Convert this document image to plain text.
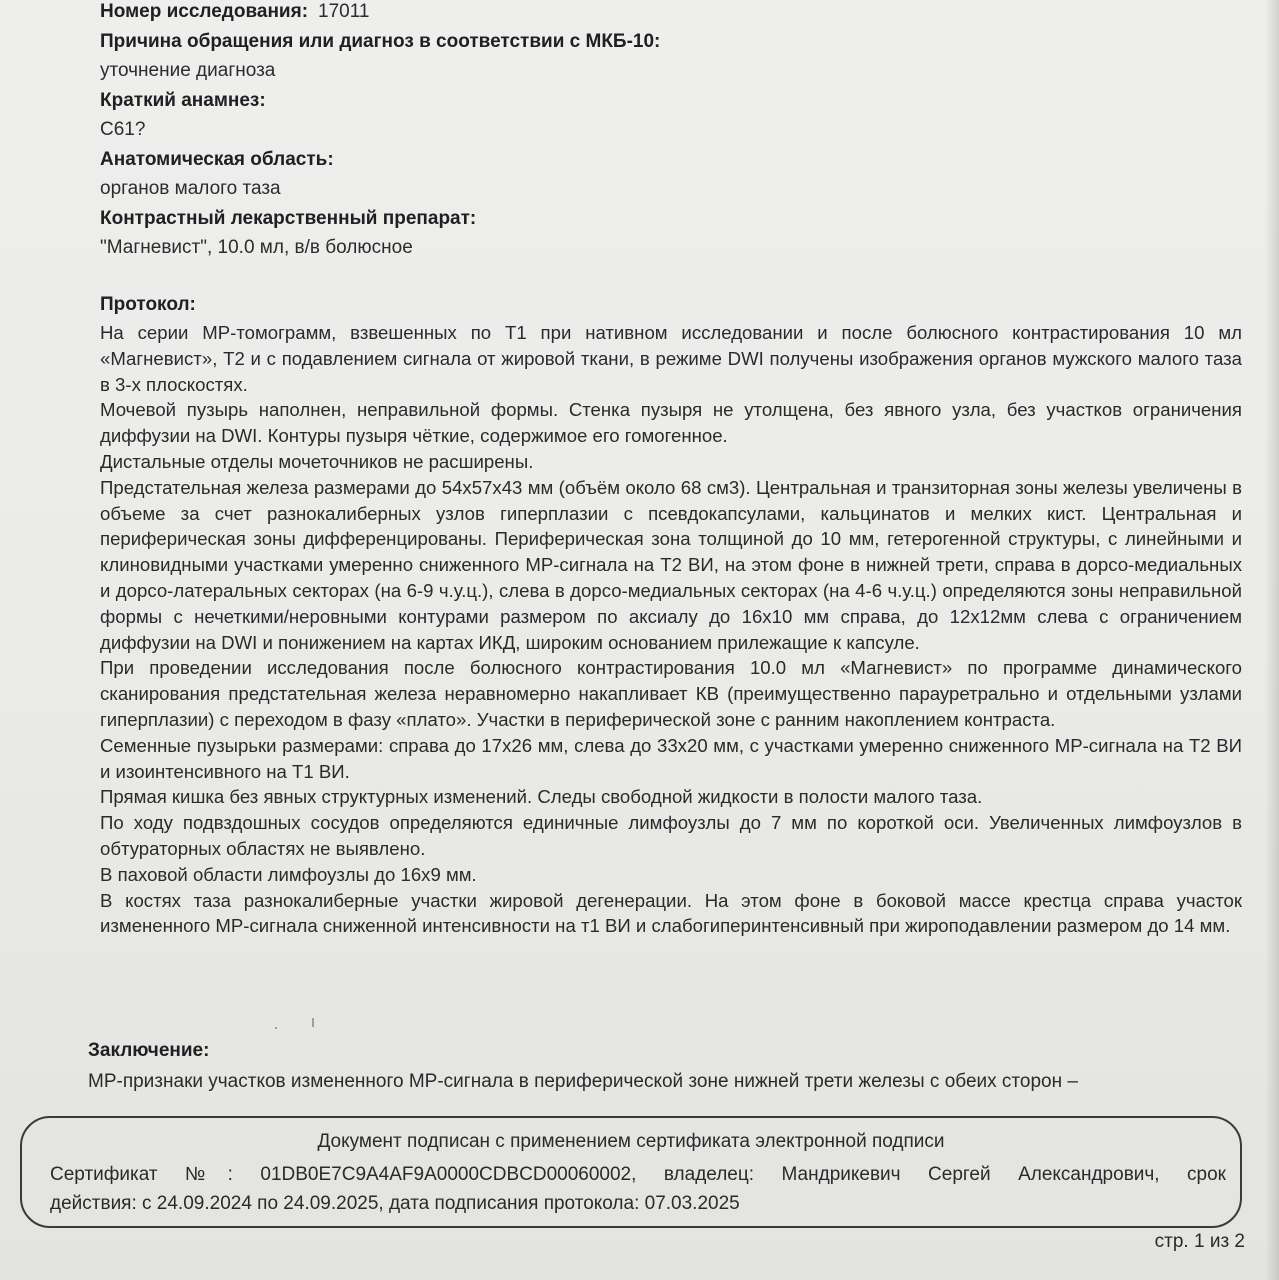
Номер исследования: 17011
Причина обращения или диагноз в соответствии с МКБ-10:
уточнение диагноза
Краткий анамнез:
C61?
Анатомическая область:
органов малого таза
Контрастный лекарственный препарат:
"Магневист", 10.0 мл, в/в болюсное
Протокол:

На серии МР-томограмм, взвешенных по Т1 при нативном исследовании и после болюсного контрастирования 10 мл «Магневист», Т2 и с подавлением сигнала от жировой ткани, в режиме DWI получены изображения органов мужского малого таза в 3-х плоскостях.

Мочевой пузырь наполнен, неправильной формы. Стенка пузыря не утолщена, без явного узла, без участков ограничения диффузии на DWI. Контуры пузыря чёткие, содержимое его гомогенное.

Дистальные отделы мочеточников не расширены.

Предстательная железа размерами до 54х57х43 мм (объём около 68 см3). Центральная и транзиторная зоны железы увеличены в объеме за счет разнокалиберных узлов гиперплазии с псевдокапсулами, кальцинатов и мелких кист. Центральная и периферическая зоны дифференцированы. Периферическая зона толщиной до 10 мм, гетерогенной структуры, с линейными и клиновидными участками умеренно сниженного МР-сигнала на Т2 ВИ, на этом фоне в нижней трети, справа в дорсо-медиальных и дорсо-латеральных секторах (на 6-9 ч.у.ц.), слева в дорсо-медиальных секторах (на 4-6 ч.у.ц.) определяются зоны неправильной формы с нечеткими/неровными контурами размером по аксиалу до 16х10 мм справа, до 12х12мм слева с ограничением диффузии на DWI и понижением на картах ИКД, широким основанием прилежащие к капсуле.

При проведении исследования после болюсного контрастирования 10.0 мл «Магневист» по программе динамического сканирования предстательная железа неравномерно накапливает КВ (преимущественно парауретрально и отдельными узлами гиперплазии) с переходом в фазу «плато». Участки в периферической зоне с ранним накоплением контраста.

Семенные пузырьки размерами: справа до 17х26 мм, слева до 33х20 мм, с участками умеренно сниженного МР-сигнала на Т2 ВИ и изоинтенсивного на Т1 ВИ.

Прямая кишка без явных структурных изменений. Следы свободной жидкости в полости малого таза.

По ходу подвздошных сосудов определяются единичные лимфоузлы до 7 мм по короткой оси. Увеличенных лимфоузлов в обтураторных областях не выявлено.

В паховой области лимфоузлы до 16х9 мм.

В костях таза разнокалиберные участки жировой дегенерации. На этом фоне в боковой массе крестца справа участок измененного МР-сигнала сниженной интенсивности на т1 ВИ и слабогиперинтенсивный при жироподавлении размером до 14 мм.

Заключение:

МР-признаки участков измененного МР-сигнала в периферической зоне нижней трети железы с обеих сторон –

Документ подписан с применением сертификата электронной подписи
Сертификат №: 01DB0E7C9A4AF9A0000CDBCD00060002, владелец: Мандрикевич Сергей Александрович, срок
действия: с 24.09.2024 по 24.09.2025, дата подписания протокола: 07.03.2025
стр. 1 из 2
